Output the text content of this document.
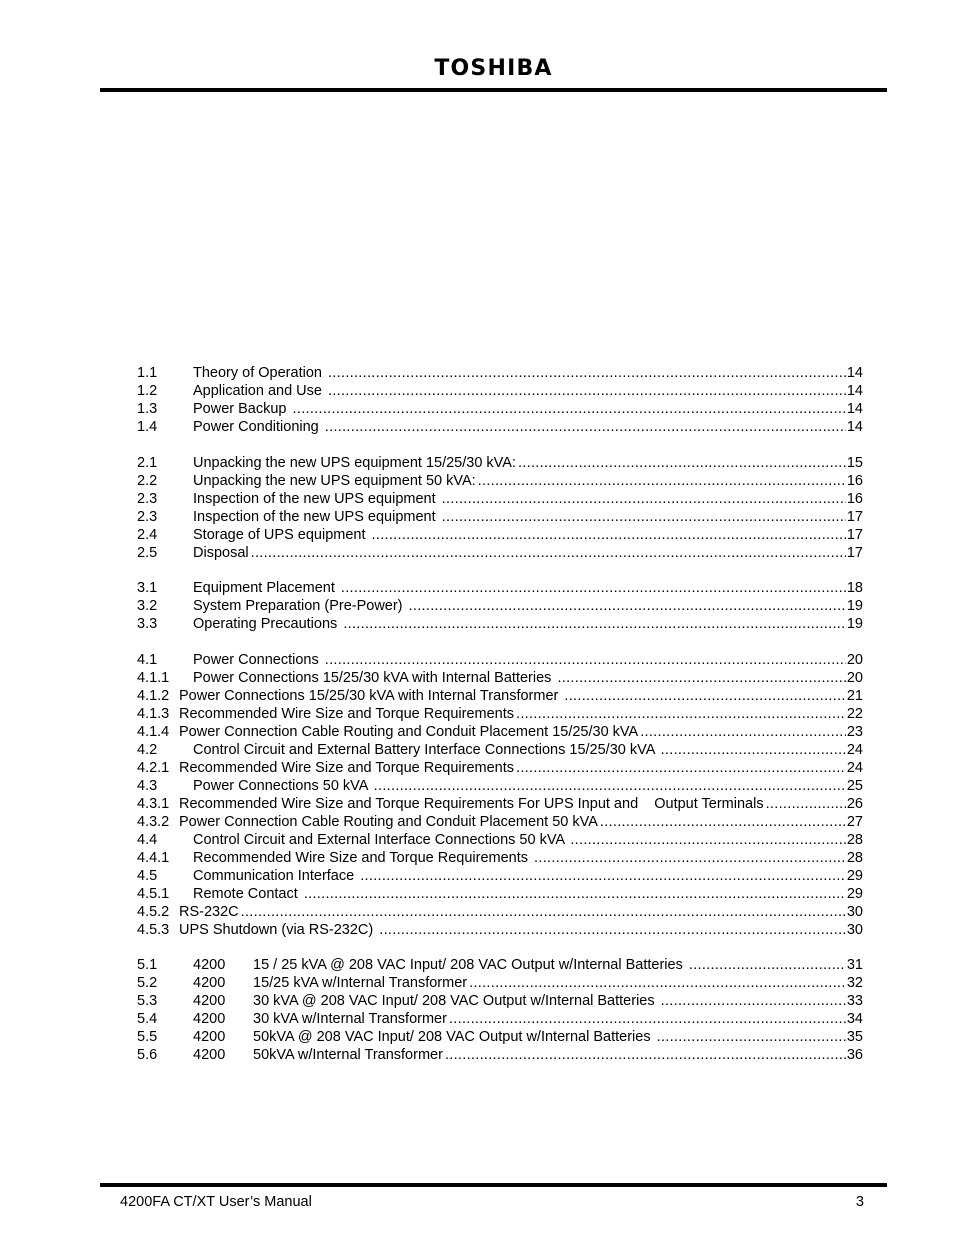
TOSHIBA
1.1	Theory of Operation .....	14
1.2	Application and Use .....	14
1.3	Power Backup .....	14
1.4	Power Conditioning .....	14
2.1	Unpacking the new UPS equipment 15/25/30 kVA: .....	15
2.2	Unpacking the new UPS equipment 50 kVA: .....	16
2.3	Inspection of the new UPS equipment .....	16
2.3	Inspection of the new UPS equipment .....	17
2.4	Storage of UPS equipment .....	17
2.5	Disposal .....	17
3.1	Equipment Placement .....	18
3.2	System Preparation (Pre-Power) .....	19
3.3	Operating Precautions .....	19
4.1	Power Connections .....	20
4.1.1	Power Connections 15/25/30 kVA with Internal Batteries .....	20
4.1.2 Power Connections 15/25/30 kVA with Internal Transformer .....	21
4.1.3 Recommended Wire Size and Torque Requirements .....	22
4.1.4 Power Connection Cable Routing and Conduit Placement 15/25/30 kVA .....	23
4.2	Control Circuit and External Battery Interface Connections 15/25/30 kVA .....	24
4.2.1 Recommended Wire Size and Torque Requirements .....	24
4.3	Power Connections 50 kVA .....	25
4.3.1 Recommended Wire Size and Torque Requirements For UPS Input and    Output Terminals .....	26
4.3.2 Power Connection Cable Routing and Conduit Placement 50 kVA .....	27
4.4	Control Circuit and External Interface Connections 50 kVA .....	28
4.4.1	Recommended Wire Size and Torque Requirements .....	28
4.5	Communication Interface .....	29
4.5.1	Remote Contact .....	29
4.5.2 RS-232C .....	30
4.5.3 UPS Shutdown (via RS-232C) .....	30
5.1	4200	15 / 25 kVA @ 208 VAC Input/ 208 VAC Output w/Internal Batteries .....	31
5.2	4200	15/25 kVA w/Internal Transformer .....	32
5.3	4200	30 kVA @ 208 VAC Input/ 208 VAC Output w/Internal Batteries .....	33
5.4	4200	30 kVA w/Internal Transformer .....	34
5.5	4200	50kVA @ 208 VAC Input/ 208 VAC Output w/Internal Batteries .....	35
5.6	4200	50kVA w/Internal Transformer .....	36
4200FA CT/XT User’s Manual	3
